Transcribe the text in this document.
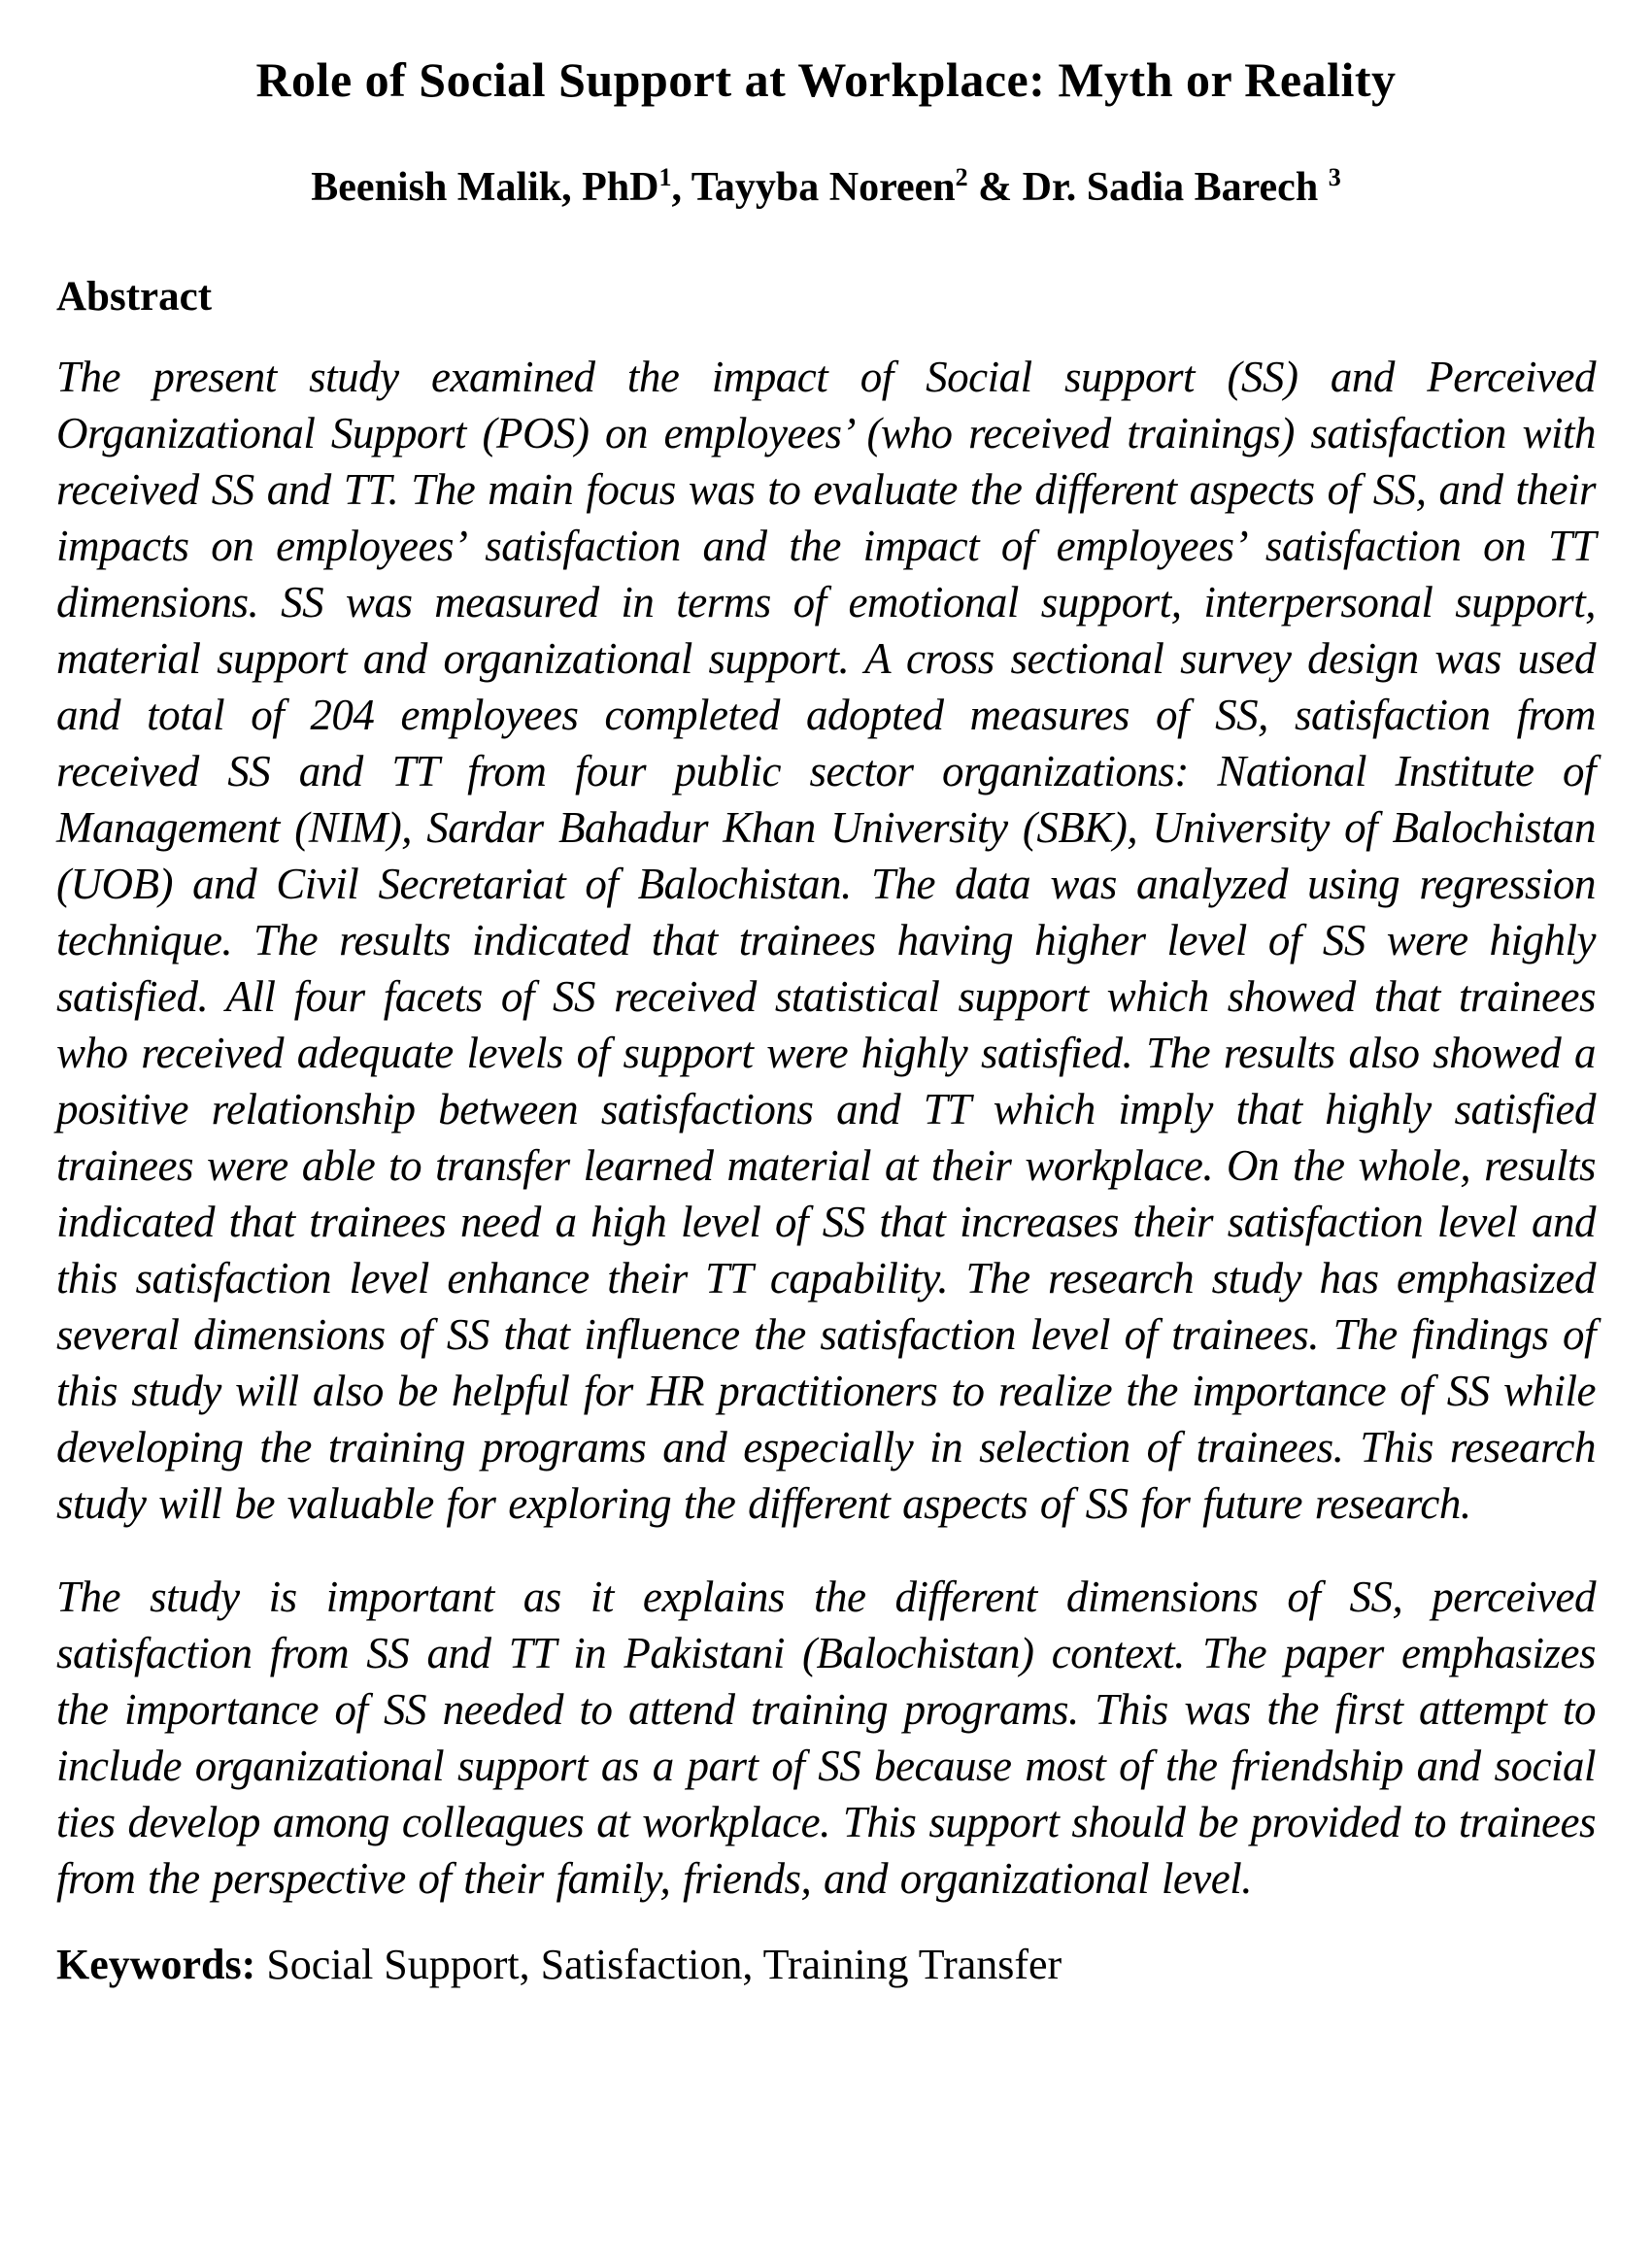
Role of Social Support at Workplace: Myth or Reality
Beenish Malik, PhD$^1$, Tayyba Noreen$^2$ & Dr. Sadia Barech $^3$
Abstract

The present study examined the impact of Social support (SS) and Perceived Organizational Support (POS) on employees’ (who received trainings) satisfaction with received SS and TT. The main focus was to evaluate the different aspects of SS, and their impacts on employees’ satisfaction and the impact of employees’ satisfaction on TT dimensions. SS was measured in terms of emotional support, interpersonal support, material support and organizational support. A cross sectional survey design was used and total of 204 employees completed adopted measures of SS, satisfaction from received SS and TT from four public sector organizations: National Institute of Management (NIM), Sardar Bahadur Khan University (SBK), University of Balochistan (UOB) and Civil Secretariat of Balochistan. The data was analyzed using regression technique. The results indicated that trainees having higher level of SS were highly satisfied. All four facets of SS received statistical support which showed that trainees who received adequate levels of support were highly satisfied. The results also showed a positive relationship between satisfactions and TT which imply that highly satisfied trainees were able to transfer learned material at their workplace. On the whole, results indicated that trainees need a high level of SS that increases their satisfaction level and this satisfaction level enhance their TT capability. The research study has emphasized several dimensions of SS that influence the satisfaction level of trainees. The findings of this study will also be helpful for HR practitioners to realize the importance of SS while developing the training programs and especially in selection of trainees. This research study will be valuable for exploring the different aspects of SS for future research.

The study is important as it explains the different dimensions of SS, perceived satisfaction from SS and TT in Pakistani (Balochistan) context. The paper emphasizes the importance of SS needed to attend training programs. This was the first attempt to include organizational support as a part of SS because most of the friendship and social ties develop among colleagues at workplace. This support should be provided to trainees from the perspective of their family, friends, and organizational level.

Keywords: Social Support, Satisfaction, Training Transfer
